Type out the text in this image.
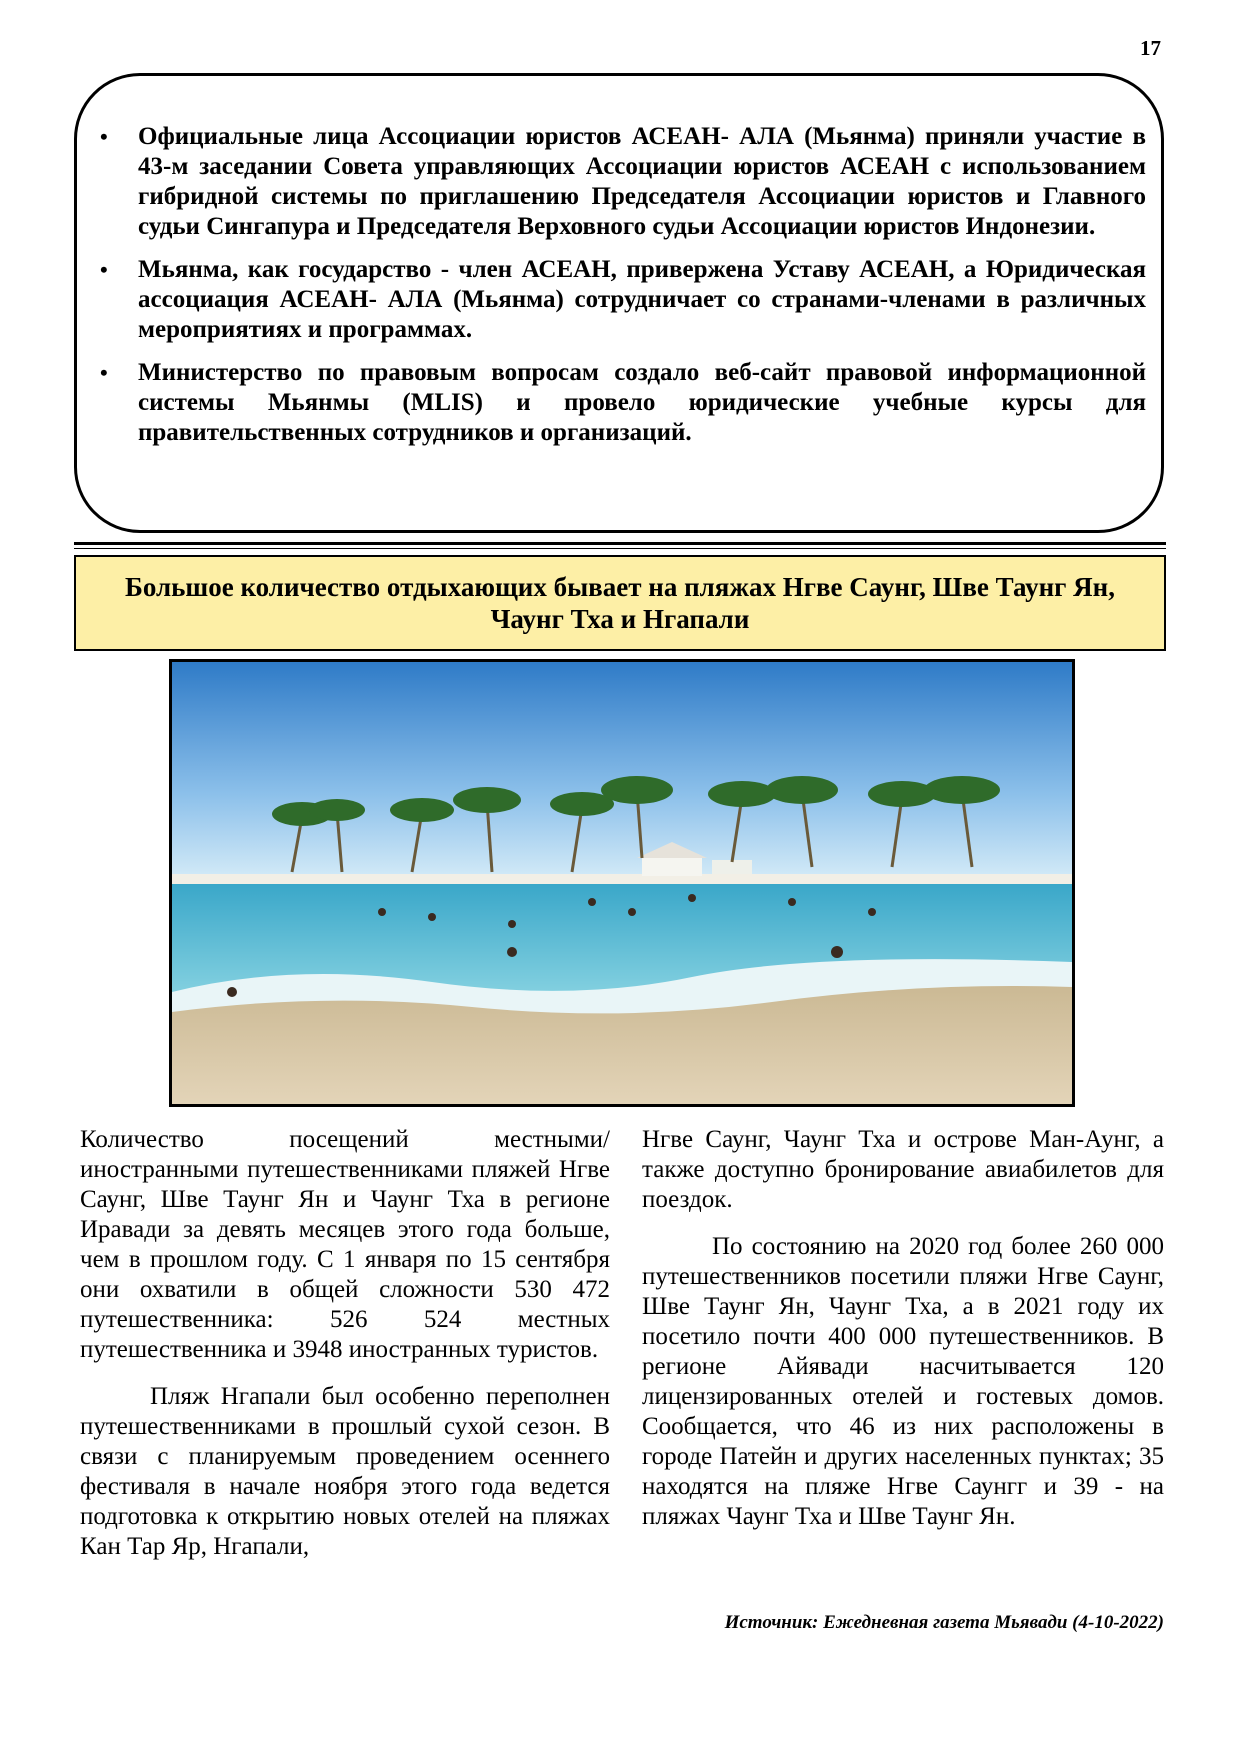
17
• Официальные лица Ассоциации юристов АСЕАН- АЛА (Мьянма) приняли участие в 43-м заседании Совета управляющих Ассоциации юристов АСЕАН с использованием гибридной системы по приглашению Председателя Ассоциации юристов и Главного судьи Сингапура и Председателя Верховного судьи Ассоциации юристов Индонезии.
• Мьянма, как государство - член АСЕАН, привержена Уставу АСЕАН, а Юридическая ассоциация АСЕАН- АЛА (Мьянма) сотрудничает со странами-членами в различных мероприятиях и программах.
• Министерство по правовым вопросам создало веб-сайт правовой информационной системы Мьянмы (MLIS) и провело юридические учебные курсы для правительственных сотрудников и организаций.
Большое количество отдыхающих бывает на пляжах Нгве Саунг, Шве Таунг Ян, Чаунг Тха и Нгапали

Количество посещений местными/ иностранными путешественниками пляжей Нгве Саунг, Шве Таунг Ян и Чаунг Тха в регионе Иравади за девять месяцев этого года больше, чем в прошлом году. С 1 января по 15 сентября они охватили в общей сложности 530 472 путешественника: 526 524 местных путешественника и 3948 иностранных туристов.

Пляж Нгапали был особенно переполнен путешественниками в прошлый сухой сезон. В связи с планируемым проведением осеннего фестиваля в начале ноября этого года ведется подготовка к открытию новых отелей на пляжах Кан Тар Яр, Нгапали,

Нгве Саунг, Чаунг Тха и острове Ман-Аунг, а также доступно бронирование авиабилетов для поездок.

По состоянию на 2020 год более 260 000 путешественников посетили пляжи Нгве Саунг, Шве Таунг Ян, Чаунг Тха, а в 2021 году их посетило почти 400 000 путешественников. В регионе Айявади насчитывается 120 лицензированных отелей и гостевых домов. Сообщается, что 46 из них расположены в городе Патейн и других населенных пунктах; 35 находятся на пляже Нгве Саунгг и 39 - на пляжах Чаунг Тха и Шве Таунг Ян.

Источник: Ежедневная газета Мьявади (4-10-2022)
